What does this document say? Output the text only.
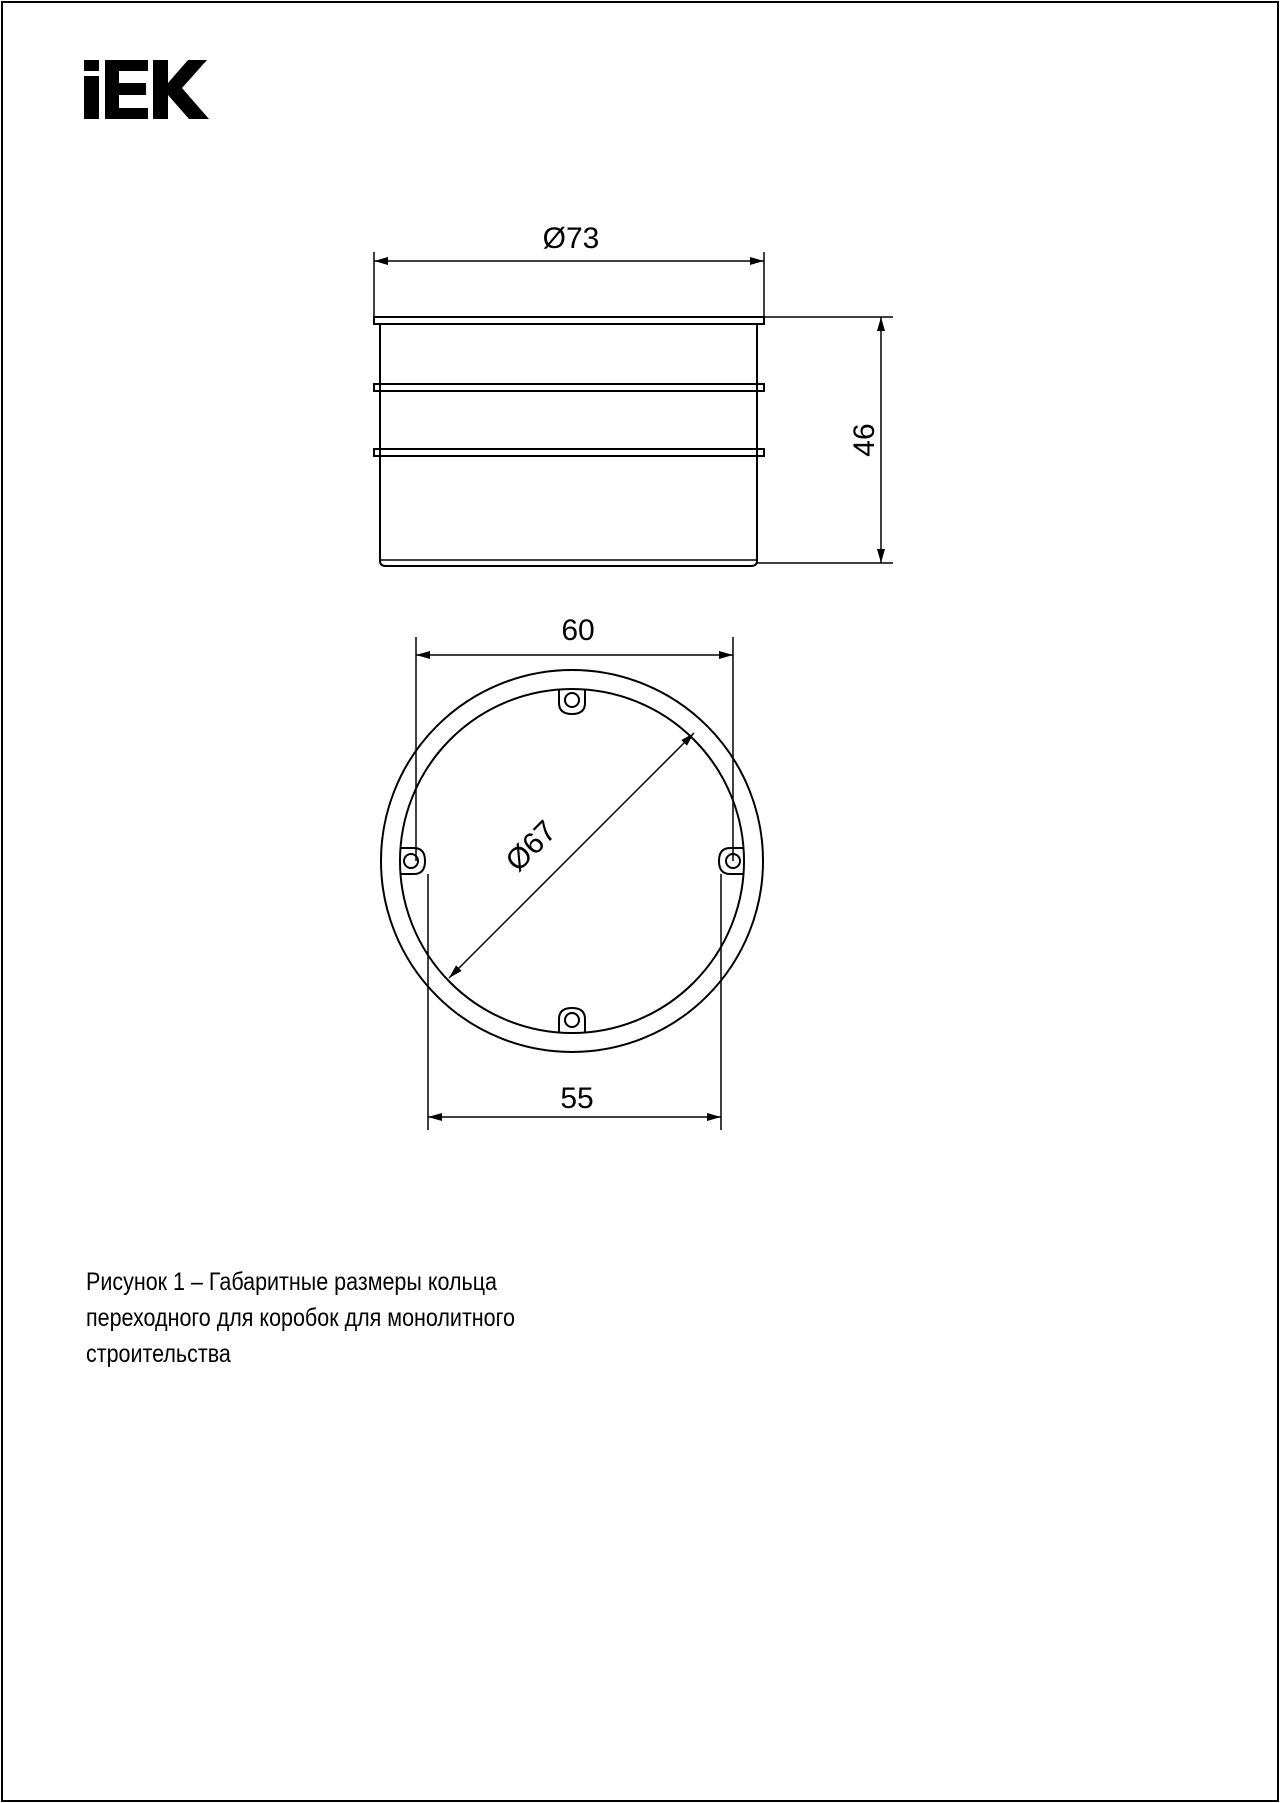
Ø73
46
60
Ø67
55
Рисунок 1 – Габаритные размеры кольца
переходного для коробок для монолитного
строительства
